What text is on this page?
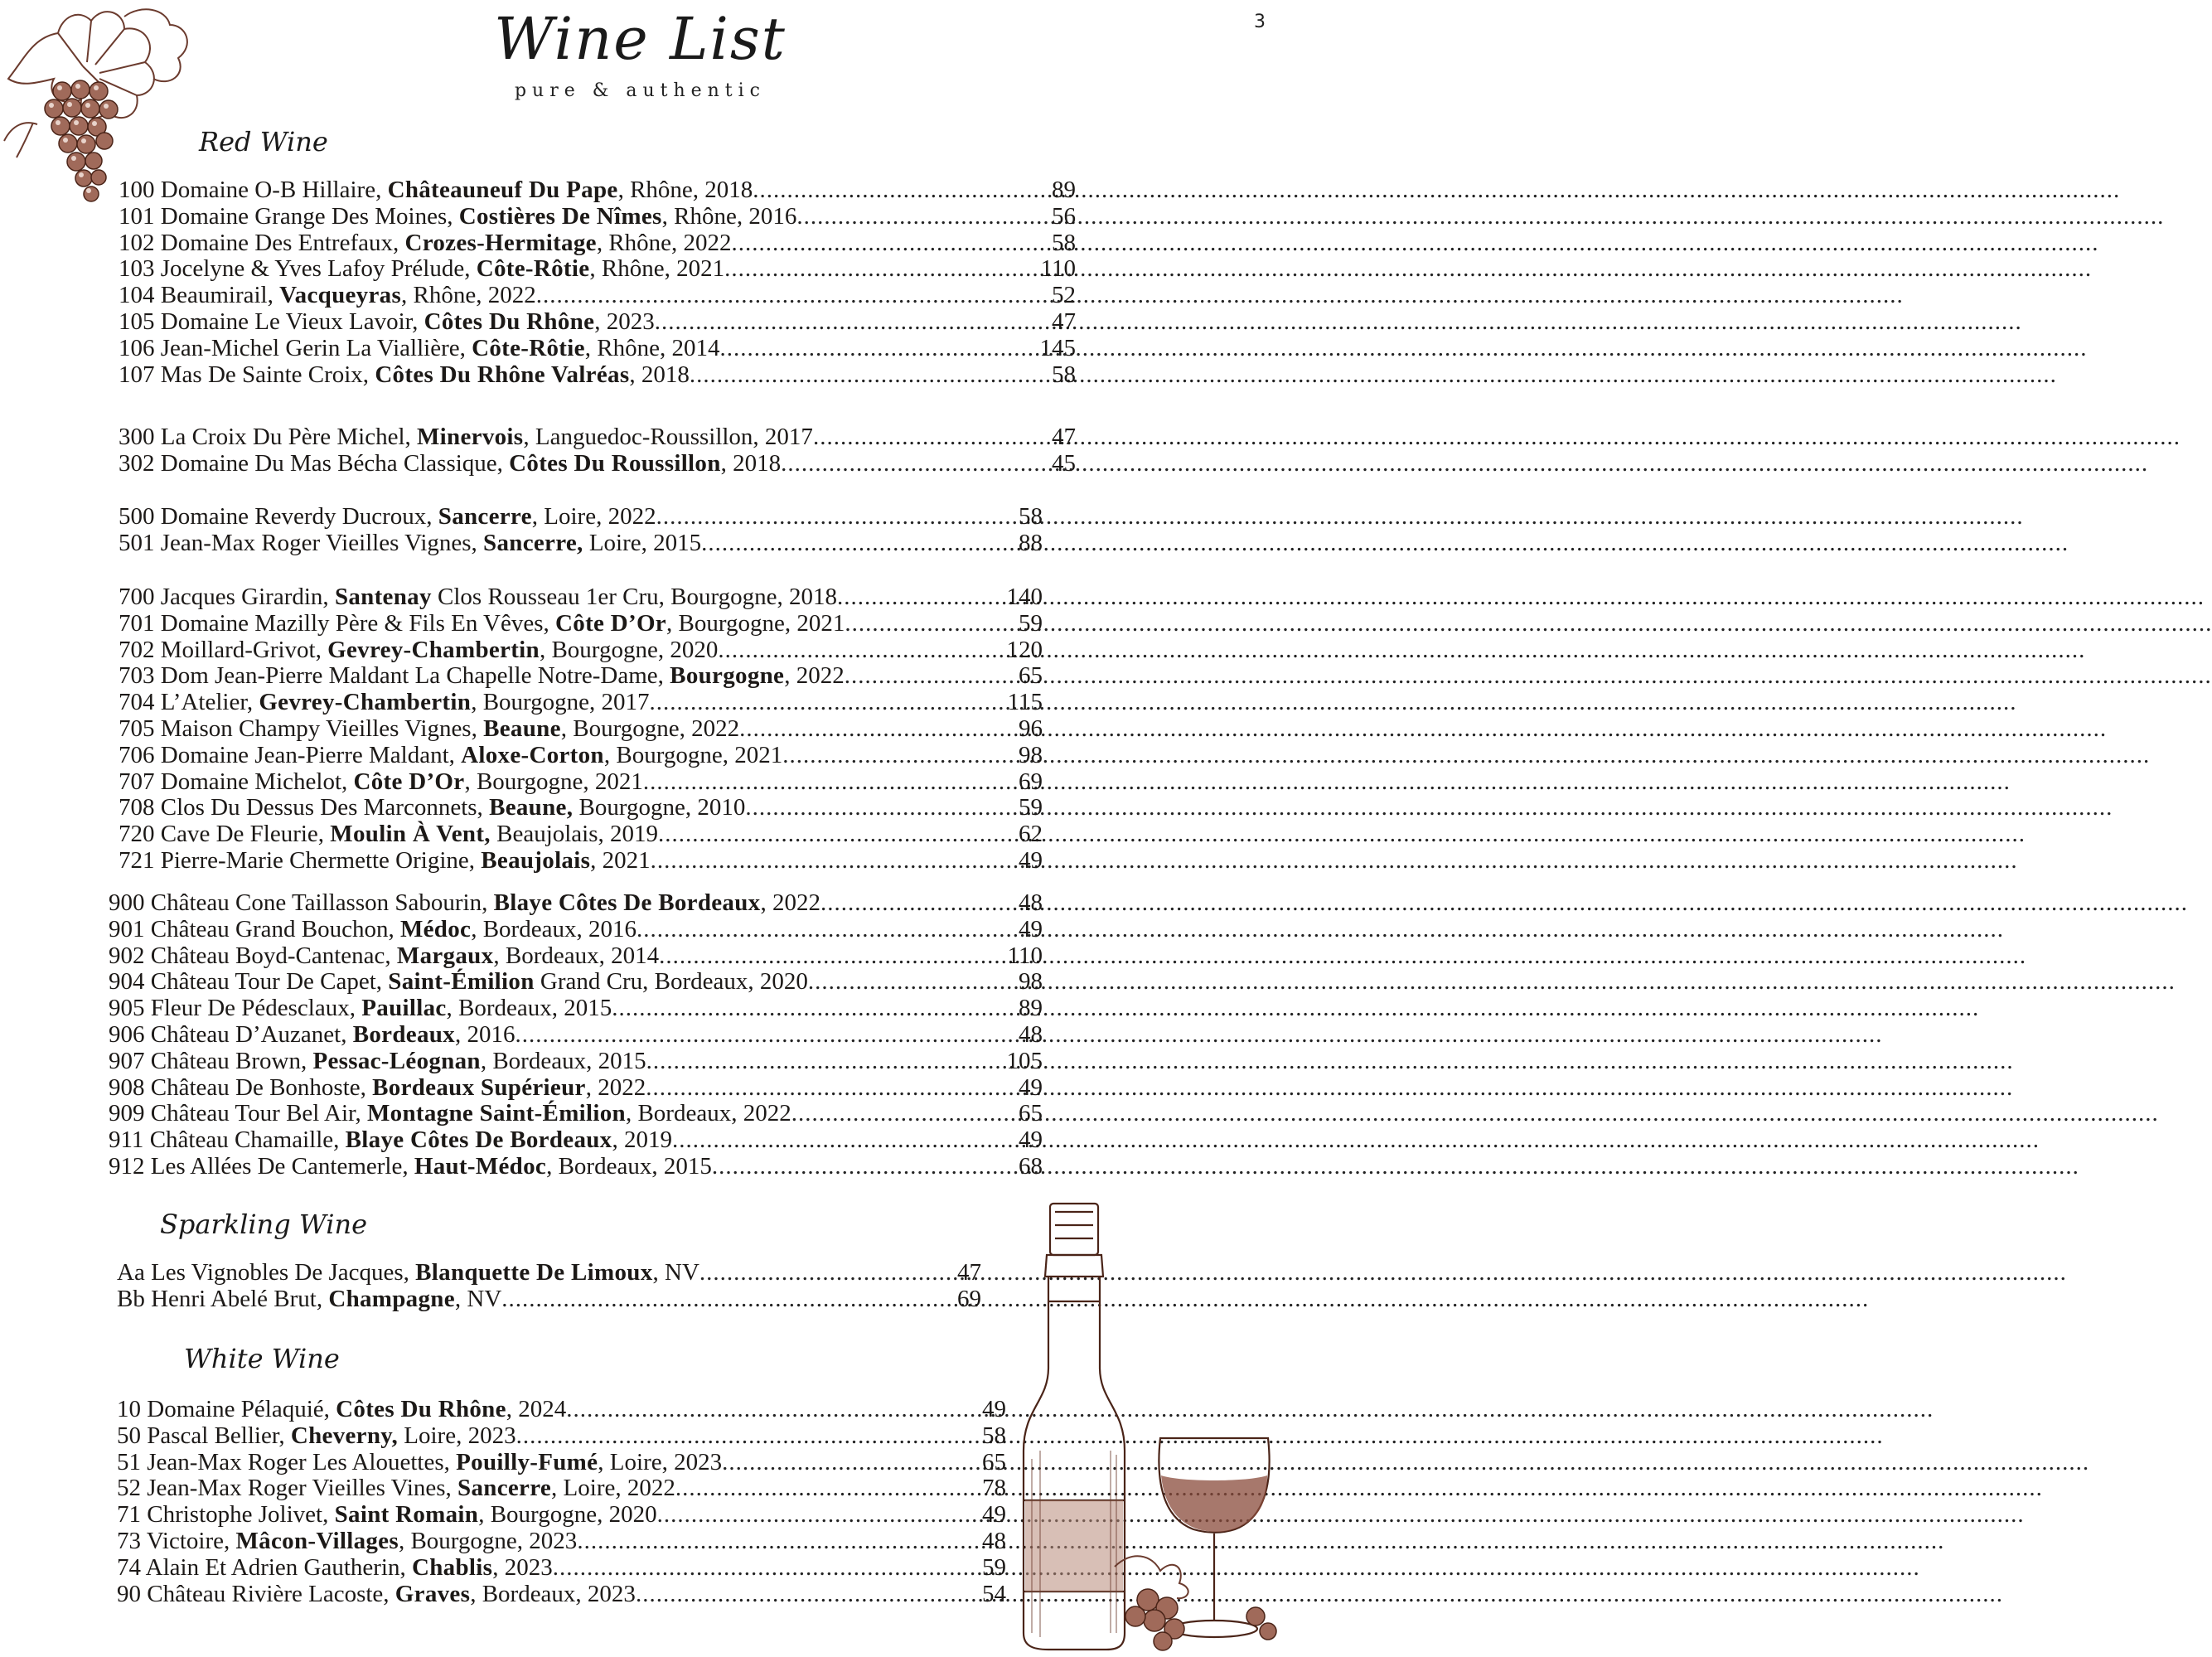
3
Wine List
pure & authentic
Red Wine
100 Domaine O-B Hillaire, Châteauneuf Du Pape, Rhône, 2018 .....	89
101 Domaine Grange Des Moines, Costières De Nîmes, Rhône, 2016 .....	56
102 Domaine Des Entrefaux, Crozes-Hermitage, Rhône, 2022 .....	58
103 Jocelyne & Yves Lafoy Prélude, Côte-Rôtie, Rhône, 2021 .....	110
104 Beaumirail, Vacqueyras, Rhône, 2022 .....	52
105 Domaine Le Vieux Lavoir, Côtes Du Rhône, 2023 .....	47
106 Jean-Michel Gerin La Viallière, Côte-Rôtie, Rhône, 2014 .....	145
107 Mas De Sainte Croix, Côtes Du Rhône Valréas, 2018 .....	58
300 La Croix Du Père Michel, Minervois, Languedoc-Roussillon, 2017 .....	47
302 Domaine Du Mas Bécha Classique, Côtes Du Roussillon, 2018 .....	45
500 Domaine Reverdy Ducroux, Sancerre, Loire, 2022 .....	58
501 Jean-Max Roger Vieilles Vignes, Sancerre, Loire, 2015 .....	88
700 Jacques Girardin, Santenay Clos Rousseau 1er Cru, Bourgogne, 2018 .....	140
701 Domaine Mazilly Père & Fils En Vêves, Côte D’Or, Bourgogne, 2021 .....	59
702 Moillard-Grivot, Gevrey-Chambertin, Bourgogne, 2020 .....	120
703 Dom Jean-Pierre Maldant La Chapelle Notre-Dame, Bourgogne, 2022 .....	65
704 L’Atelier, Gevrey-Chambertin, Bourgogne, 2017 .....	115
705 Maison Champy Vieilles Vignes, Beaune, Bourgogne, 2022 .....	96
706 Domaine Jean-Pierre Maldant, Aloxe-Corton, Bourgogne, 2021 .....	98
707 Domaine Michelot, Côte D’Or, Bourgogne, 2021 .....	69
708 Clos Du Dessus Des Marconnets, Beaune, Bourgogne, 2010 .....	59
720 Cave De Fleurie, Moulin À Vent, Beaujolais, 2019 .....	62
721 Pierre-Marie Chermette Origine, Beaujolais, 2021 .....	49
900 Château Cone Taillasson Sabourin, Blaye Côtes De Bordeaux, 2022 .....	48
901 Château Grand Bouchon, Médoc, Bordeaux, 2016 .....	49
902 Château Boyd-Cantenac, Margaux, Bordeaux, 2014 .....	110
904 Château Tour De Capet, Saint-Émilion Grand Cru, Bordeaux, 2020 .....	98
905 Fleur De Pédesclaux, Pauillac, Bordeaux, 2015 .....	89
906 Château D’Auzanet, Bordeaux, 2016 .....	48
907 Château Brown, Pessac-Léognan, Bordeaux, 2015 .....	105
908 Château De Bonhoste, Bordeaux Supérieur, 2022 .....	49
909 Château Tour Bel Air, Montagne Saint-Émilion, Bordeaux, 2022 .....	65
911 Château Chamaille, Blaye Côtes De Bordeaux, 2019 .....	49
912 Les Allées De Cantemerle, Haut-Médoc, Bordeaux, 2015 .....	68
Sparkling Wine
Aa Les Vignobles De Jacques, Blanquette De Limoux, NV .....	47
Bb Henri Abelé Brut, Champagne, NV .....	69
White Wine
10 Domaine Pélaquié, Côtes Du Rhône, 2024 .....	49
50 Pascal Bellier, Cheverny, Loire, 2023 .....	58
51 Jean-Max Roger Les Alouettes, Pouilly-Fumé, Loire, 2023 .....	65
52 Jean-Max Roger Vieilles Vines, Sancerre, Loire, 2022 .....	78
71 Christophe Jolivet, Saint Romain, Bourgogne, 2020 .....	49
73 Victoire, Mâcon-Villages, Bourgogne, 2023 .....	48
74 Alain Et Adrien Gautherin, Chablis, 2023 .....	59
90 Château Rivière Lacoste, Graves, Bordeaux, 2023 .....	54
